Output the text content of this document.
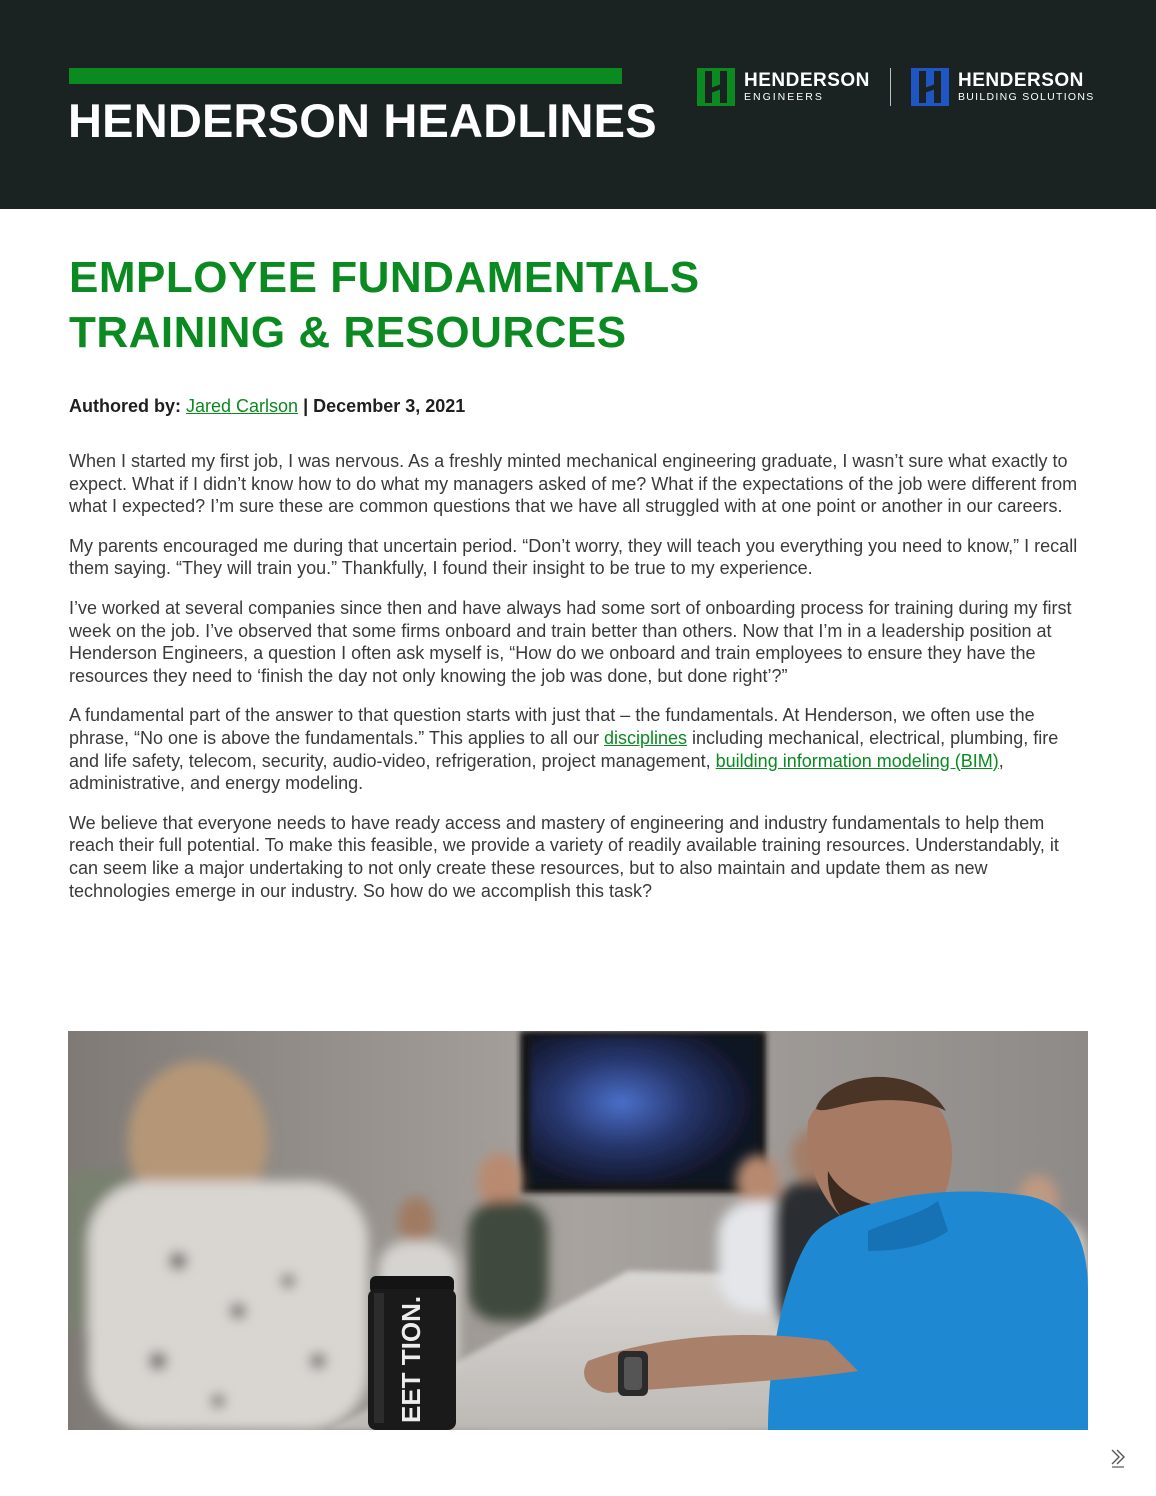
HENDERSON HEADLINES
HENDERSON
ENGINEERS
HENDERSON
BUILDING SOLUTIONS
EMPLOYEE FUNDAMENTALS
TRAINING & RESOURCES
Authored by: Jared Carlson | December 3, 2021

When I started my first job, I was nervous. As a freshly minted mechanical engineering graduate, I wasn’t sure what exactly to expect. What if I didn’t know how to do what my managers asked of me? What if the expectations of the job were different from what I expected? I’m sure these are common questions that we have all struggled with at one point or another in our careers.

My parents encouraged me during that uncertain period. “Don’t worry, they will teach you everything you need to know,” I recall them saying. “They will train you.” Thankfully, I found their insight to be true to my experience.

I’ve worked at several companies since then and have always had some sort of onboarding process for training during my first week on the job. I’ve observed that some firms onboard and train better than others. Now that I’m in a leadership position at Henderson Engineers, a question I often ask myself is, “How do we onboard and train employees to ensure they have the resources they need to ‘finish the day not only knowing the job was done, but done right’?”

A fundamental part of the answer to that question starts with just that – the fundamentals. At Henderson, we often use the phrase, “No one is above the fundamentals.” This applies to all our disciplines including mechanical, electrical, plumbing, fire and life safety, telecom, security, audio-video, refrigeration, project management, building information modeling (BIM), administrative, and energy modeling.

We believe that everyone needs to have ready access and mastery of engineering and industry fundamentals to help them reach their full potential. To make this feasible, we provide a variety of readily available training resources. Understandably, it can seem like a major undertaking to not only create these resources, but to also maintain and update them as new technologies emerge in our industry. So how do we accomplish this task?

EET TION.
